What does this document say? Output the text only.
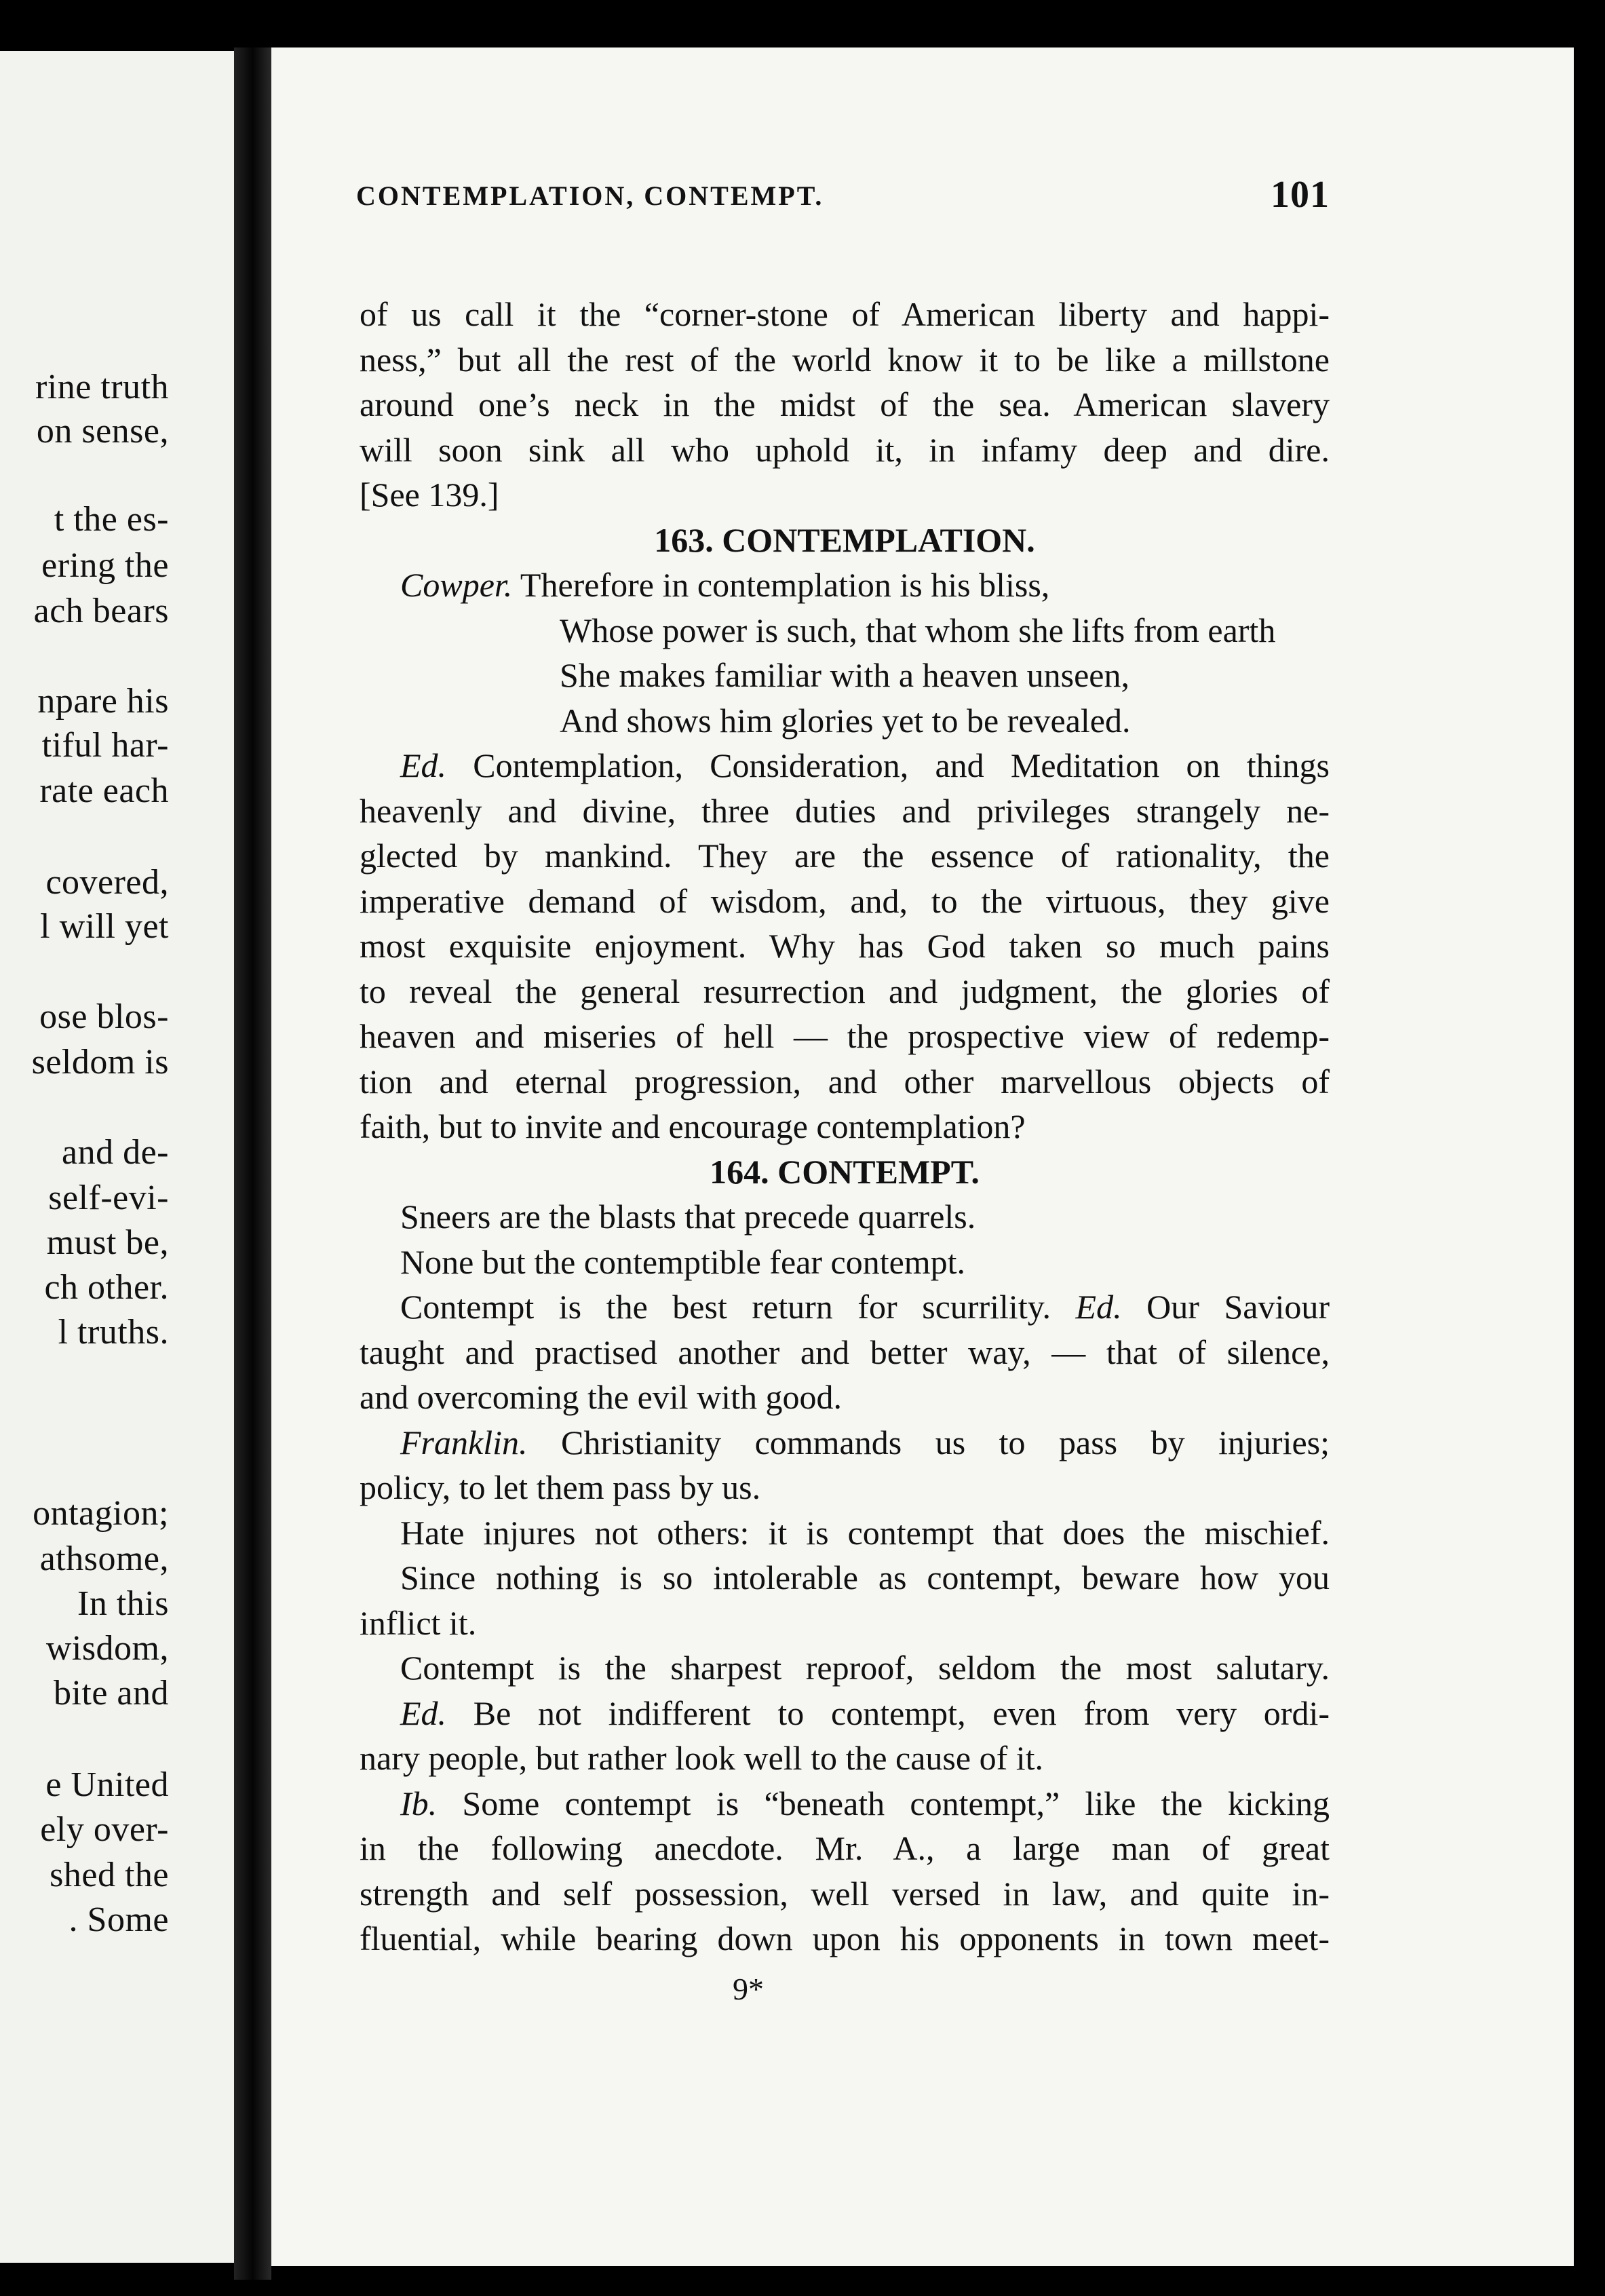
rine truth
on sense,
t the es-
ering the
ach bears
npare his
tiful har-
rate each
covered,
l will yet
ose blos-
seldom is
and de-
self-evi-
must be,
ch other.
l truths.
ontagion;
athsome,
In this
wisdom,
bite and
e United
ely over-
shed the
. Some
CONTEMPLATION, CONTEMPT.	101
of us call it the “corner-stone of American liberty and happi-
ness,” but all the rest of the world know it to be like a millstone
around one’s neck in the midst of the sea. American slavery
will soon sink all who uphold it, in infamy deep and dire.
[See 139.]
163. CONTEMPLATION.
Cowper. Therefore in contemplation is his bliss,
Whose power is such, that whom she lifts from earth
She makes familiar with a heaven unseen,
And shows him glories yet to be revealed.
Ed. Contemplation, Consideration, and Meditation on things
heavenly and divine, three duties and privileges strangely ne-
glected by mankind. They are the essence of rationality, the
imperative demand of wisdom, and, to the virtuous, they give
most exquisite enjoyment. Why has God taken so much pains
to reveal the general resurrection and judgment, the glories of
heaven and miseries of hell — the prospective view of redemp-
tion and eternal progression, and other marvellous objects of
faith, but to invite and encourage contemplation?
164. CONTEMPT.
Sneers are the blasts that precede quarrels.
None but the contemptible fear contempt.
Contempt is the best return for scurrility. Ed. Our Saviour
taught and practised another and better way, — that of silence,
and overcoming the evil with good.
Franklin. Christianity commands us to pass by injuries;
policy, to let them pass by us.
Hate injures not others: it is contempt that does the mischief.
Since nothing is so intolerable as contempt, beware how you
inflict it.
Contempt is the sharpest reproof, seldom the most salutary.
Ed. Be not indifferent to contempt, even from very ordi-
nary people, but rather look well to the cause of it.
Ib. Some contempt is “beneath contempt,” like the kicking
in the following anecdote. Mr. A., a large man of great
strength and self possession, well versed in law, and quite in-
fluential, while bearing down upon his opponents in town meet-
9*
